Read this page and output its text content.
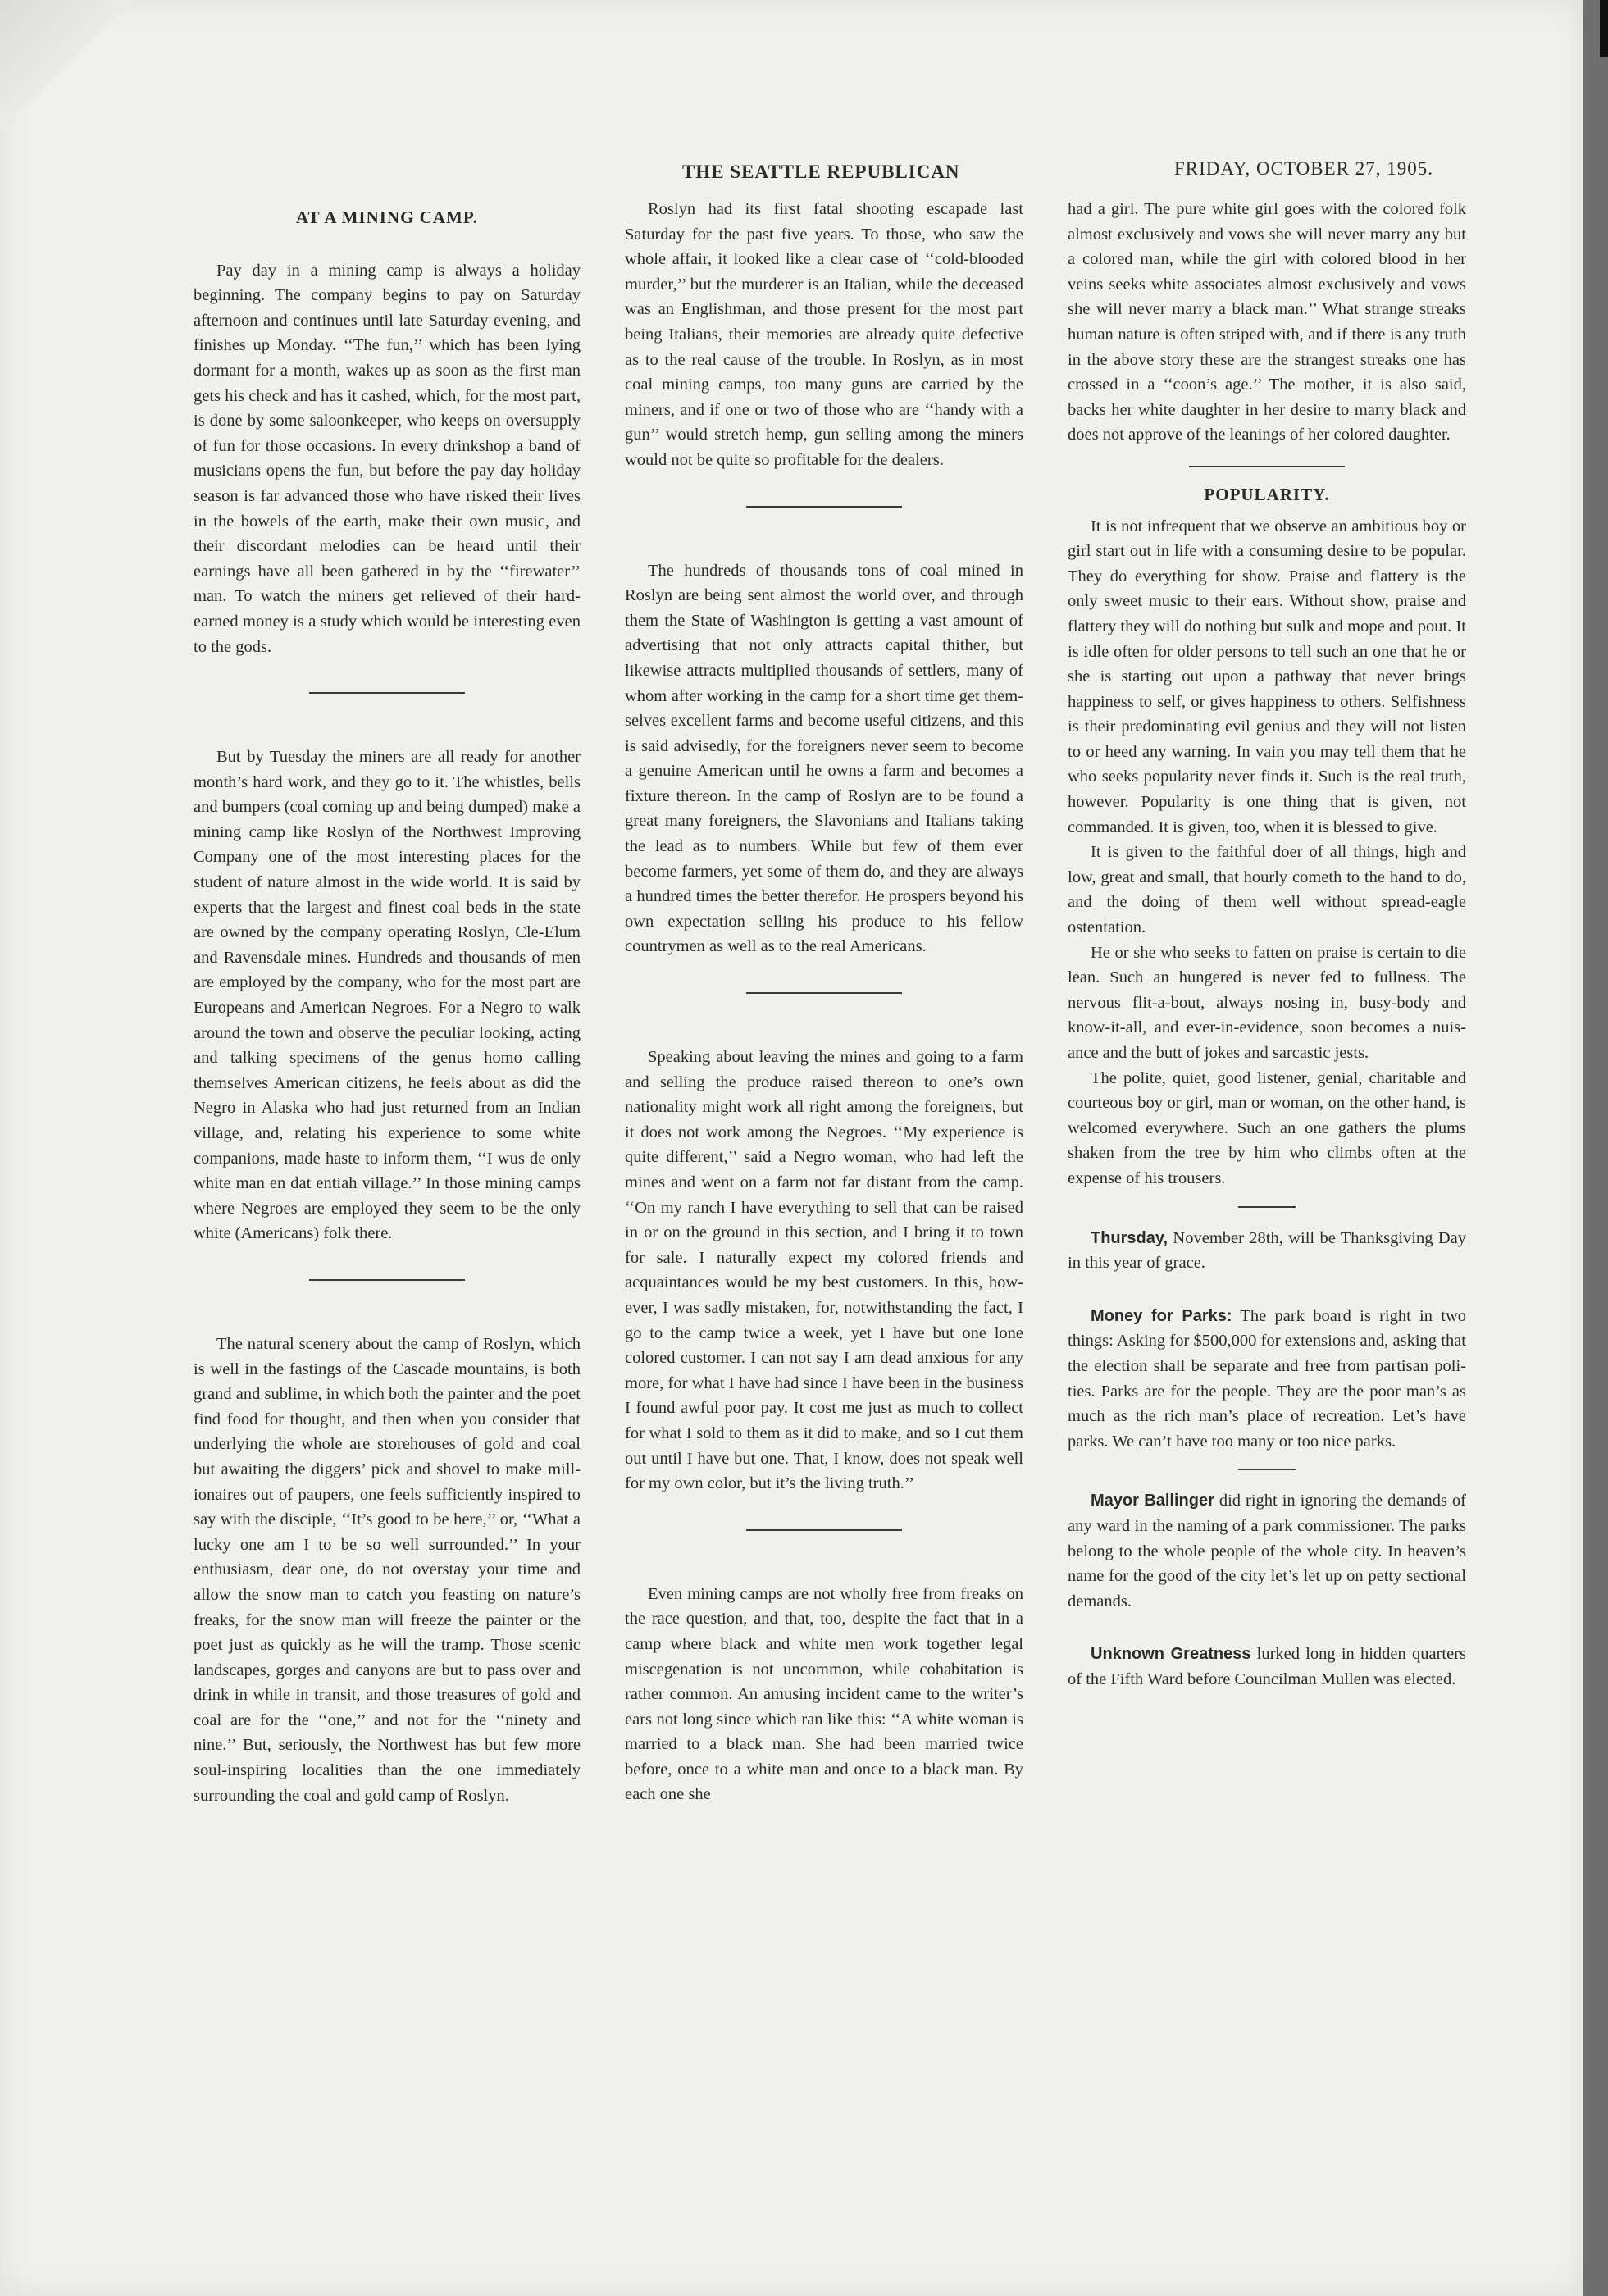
THE SEATTLE REPUBLICAN	FRIDAY, OCTOBER 27, 1905.
AT A MINING CAMP.

Pay day in a mining camp is always a holiday beginning. The company begins to pay on Saturday afternoon and continues until late Saturday evening, and finishes up Monday. ‘‘The fun,’’ which has been lying dormant for a month, wakes up as soon as the first man gets his check and has it cashed, which, for the most part, is done by some saloonkeeper, who keeps on oversupply of fun for those occasions. In every drinkshop a band of musicians opens the fun, but before the pay day holiday season is far advanced those who have risked their lives in the bowels of the earth, make their own music, and their discordant melodies can be heard until their earnings have all been gathered in by the ‘‘firewater’’ man. To watch the miners get relieved of their hard-earned money is a study which would be interesting even to the gods.

But by Tuesday the miners are all ready for another month’s hard work, and they go to it. The whistles, bells and bumpers (coal coming up and being dumped) make a mining camp like Roslyn of the Northwest Improving Company one of the most interesting places for the student of nature almost in the wide world. It is said by experts that the largest and finest coal beds in the state are owned by the company operating Roslyn, Cle-Elum and Ravensdale mines. Hundreds and thousands of men are employed by the company, who for the most part are Europeans and American Negroes. For a Negro to walk around the town and observe the peculiar looking, acting and talking specimens of the genus homo calling themselves American citizens, he feels about as did the Negro in Alaska who had just returned from an Indian village, and, relating his experience to some white companions, made haste to inform them, ‘‘I wus de only white man en dat entiah village.’’ In those mining camps where Negroes are employed they seem to be the only white (Americans) folk there.

The natural scenery about the camp of Roslyn, which is well in the fastings of the Cascade mountains, is both grand and sublime, in which both the painter and the poet find food for thought, and then when you consider that underlying the whole are storehouses of gold and coal but awaiting the diggers’ pick and shovel to make millionaires out of paupers, one feels sufficiently inspired to say with the disciple, ‘‘It’s good to be here,’’ or, ‘‘What a lucky one am I to be so well surrounded.’’ In your enthusiasm, dear one, do not overstay your time and allow the snow man to catch you feasting on nature’s freaks, for the snow man will freeze the painter or the poet just as quickly as he will the tramp. Those scenic landscapes, gorges and canyons are but to pass over and drink in while in transit, and those treasures of gold and coal are for the ‘‘one,’’ and not for the ‘‘ninety and nine.’’ But, seriously, the Northwest has but few more soul-inspiring localities than the one immediately surrounding the coal and gold camp of Roslyn.

Roslyn had its first fatal shooting escapade last Saturday for the past five years. To those, who saw the whole affair, it looked like a clear case of ‘‘cold-blooded murder,’’ but the murderer is an Italian, while the deceased was an Englishman, and those present for the most part being Italians, their memories are already quite defective as to the real cause of the trouble. In Roslyn, as in most coal mining camps, too many guns are carried by the miners, and if one or two of those who are ‘‘handy with a gun’’ would stretch hemp, gun selling among the miners would not be quite so profitable for the dealers.

The hundreds of thousands tons of coal mined in Roslyn are being sent almost the world over, and through them the State of Washington is getting a vast amount of advertising that not only attracts capital thither, but likewise attracts multiplied thousands of settlers, many of whom after working in the camp for a short time get themselves excellent farms and become useful citizens, and this is said advisedly, for the foreigners never seem to become a genuine American until he owns a farm and becomes a fixture thereon. In the camp of Roslyn are to be found a great many foreigners, the Slavonians and Italians taking the lead as to numbers. While but few of them ever become farmers, yet some of them do, and they are always a hundred times the better therefor. He prospers beyond his own expectation selling his produce to his fellow countrymen as well as to the real Americans.

Speaking about leaving the mines and going to a farm and selling the produce raised thereon to one’s own nationality might work all right among the foreigners, but it does not work among the Negroes. ‘‘My experience is quite different,’’ said a Negro woman, who had left the mines and went on a farm not far distant from the camp. ‘‘On my ranch I have everything to sell that can be raised in or on the ground in this section, and I bring it to town for sale. I naturally expect my colored friends and acquaintances would be my best customers. In this, however, I was sadly mistaken, for, notwithstanding the fact, I go to the camp twice a week, yet I have but one lone colored customer. I can not say I am dead anxious for any more, for what I have had since I have been in the business I found awful poor pay. It cost me just as much to collect for what I sold to them as it did to make, and so I cut them out until I have but one. That, I know, does not speak well for my own color, but it’s the living truth.’’

Even mining camps are not wholly free from freaks on the race question, and that, too, despite the fact that in a camp where black and white men work together legal miscegenation is not uncommon, while cohabitation is rather common. An amusing incident came to the writer’s ears not long since which ran like this: ‘‘A white woman is married to a black man. She had been married twice before, once to a white man and once to a black man. By each one she

had a girl. The pure white girl goes with the colored folk almost exclusively and vows she will never marry any but a colored man, while the girl with colored blood in her veins seeks white associates almost exclusively and vows she will never marry a black man.’’ What strange streaks human nature is often striped with, and if there is any truth in the above story these are the strangest streaks one has crossed in a ‘‘coon’s age.’’ The mother, it is also said, backs her white daughter in her desire to marry black and does not approve of the leanings of her colored daughter.

POPULARITY.

It is not infrequent that we observe an ambitious boy or girl start out in life with a consuming desire to be popular. They do everything for show. Praise and flattery is the only sweet music to their ears. Without show, praise and flattery they will do nothing but sulk and mope and pout. It is idle often for older persons to tell such an one that he or she is starting out upon a pathway that never brings happiness to self, or gives happiness to others. Selfishness is their predominating evil genius and they will not listen to or heed any warning. In vain you may tell them that he who seeks popularity never finds it. Such is the real truth, however. Popularity is one thing that is given, not commanded. It is given, too, when it is blessed to give.

It is given to the faithful doer of all things, high and low, great and small, that hourly cometh to the hand to do, and the doing of them well without spread-eagle ostentation.

He or she who seeks to fatten on praise is certain to die lean. Such an hungered is never fed to fullness. The nervous flit-a-bout, always nosing in, busy-body and know-it-all, and ever-in-evidence, soon becomes a nuisance and the butt of jokes and sarcastic jests.

The polite, quiet, good listener, genial, charitable and courteous boy or girl, man or woman, on the other hand, is welcomed everywhere. Such an one gathers the plums shaken from the tree by him who climbs often at the expense of his trousers.

Thursday, November 28th, will be Thanksgiving Day in this year of grace.

Money for Parks: The park board is right in two things: Asking for $500,000 for extensions and, asking that the election shall be separate and free from partisan polities. Parks are for the people. They are the poor man’s as much as the rich man’s place of recreation. Let’s have parks. We can’t have too many or too nice parks.

Mayor Ballinger did right in ignoring the demands of any ward in the naming of a park commissioner. The parks belong to the whole people of the whole city. In heaven’s name for the good of the city let’s let up on petty sectional demands.

Unknown Greatness lurked long in hidden quarters of the Fifth Ward before Councilman Mullen was elected.
